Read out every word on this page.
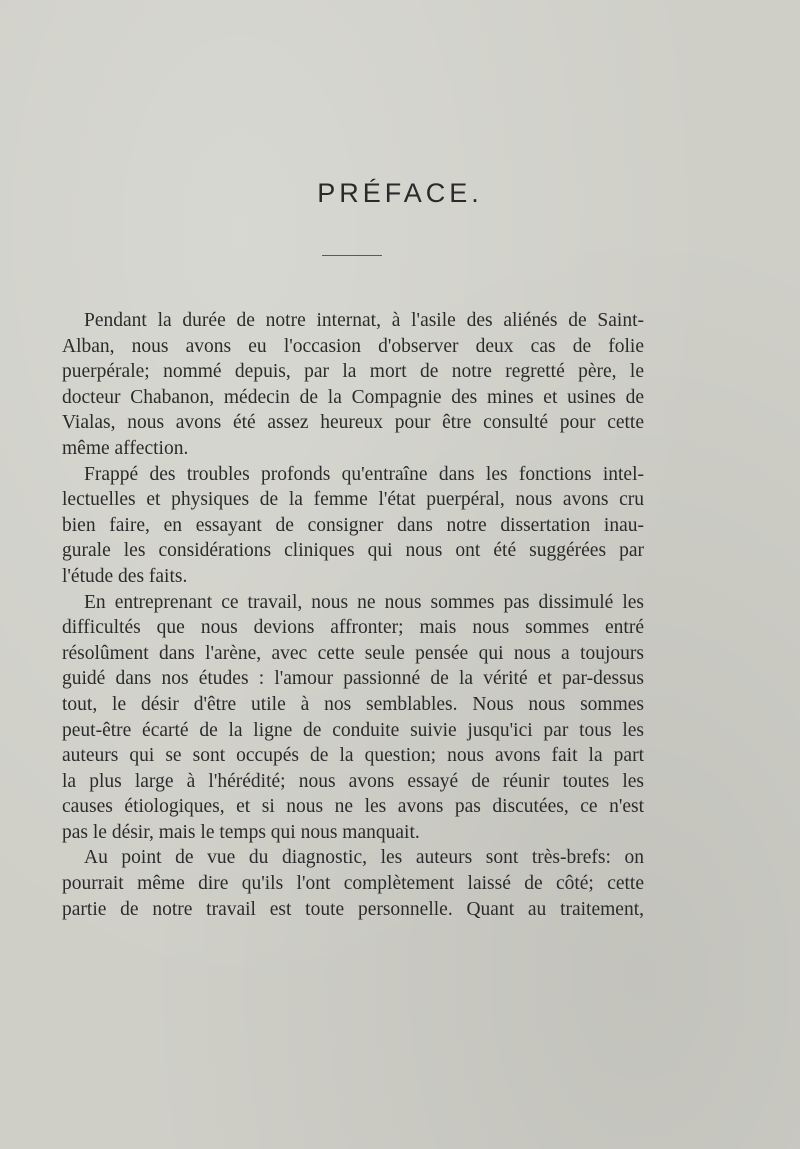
PRÉFACE.
Pendant la durée de notre internat, à l'asile des aliénés de Saint-
Alban, nous avons eu l'occasion d'observer deux cas de folie
puerpérale; nommé depuis, par la mort de notre regretté père, le
docteur Chabanon, médecin de la Compagnie des mines et usines de
Vialas, nous avons été assez heureux pour être consulté pour cette
même affection.
Frappé des troubles profonds qu'entraîne dans les fonctions intel-
lectuelles et physiques de la femme l'état puerpéral, nous avons cru
bien faire, en essayant de consigner dans notre dissertation inau-
gurale les considérations cliniques qui nous ont été suggérées par
l'étude des faits.
En entreprenant ce travail, nous ne nous sommes pas dissimulé les
difficultés que nous devions affronter; mais nous sommes entré
résolûment dans l'arène, avec cette seule pensée qui nous a toujours
guidé dans nos études : l'amour passionné de la vérité et par-dessus
tout, le désir d'être utile à nos semblables. Nous nous sommes
peut-être écarté de la ligne de conduite suivie jusqu'ici par tous les
auteurs qui se sont occupés de la question; nous avons fait la part
la plus large à l'hérédité; nous avons essayé de réunir toutes les
causes étiologiques, et si nous ne les avons pas discutées, ce n'est
pas le désir, mais le temps qui nous manquait.
Au point de vue du diagnostic, les auteurs sont très-brefs: on
pourrait même dire qu'ils l'ont complètement laissé de côté; cette
partie de notre travail est toute personnelle. Quant au traitement,
